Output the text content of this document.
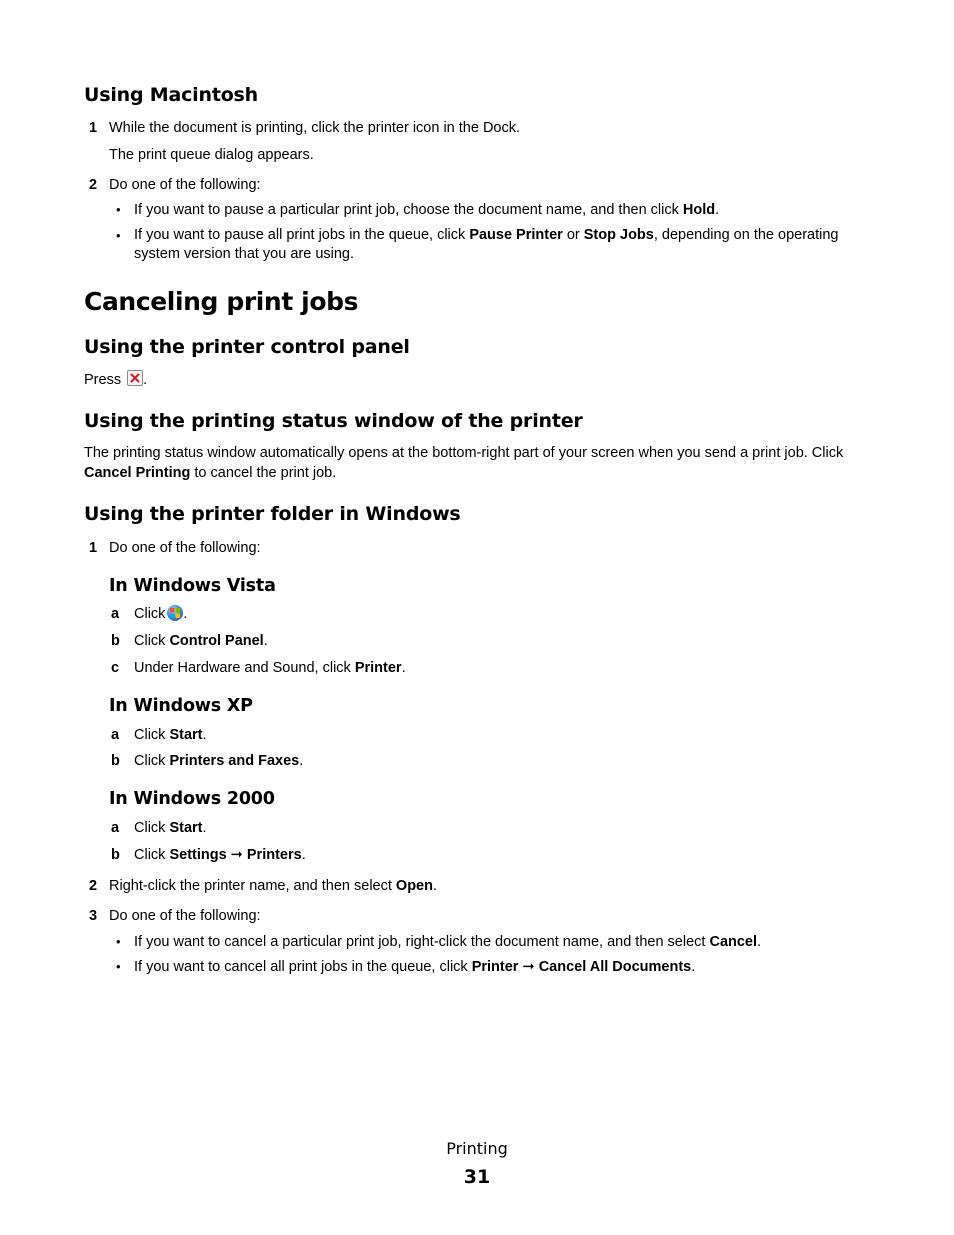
Using Macintosh
1 While the document is printing, click the printer icon in the Dock.
The print queue dialog appears.
2 Do one of the following:
• If you want to pause a particular print job, choose the document name, and then click Hold.
• If you want to pause all print jobs in the queue, click Pause Printer or Stop Jobs, depending on the operating system version that you are using.
Canceling print jobs
Using the printer control panel
Press .
Using the printing status window of the printer
The printing status window automatically opens at the bottom-right part of your screen when you send a print job. Click Cancel Printing to cancel the print job.
Using the printer folder in Windows
1 Do one of the following:
In Windows Vista
a Click .
b Click Control Panel.
c Under Hardware and Sound, click Printer.
In Windows XP
a Click Start.
b Click Printers and Faxes.
In Windows 2000
a Click Start.
b Click Settings ➞ Printers.
2 Right-click the printer name, and then select Open.
3 Do one of the following:
• If you want to cancel a particular print job, right-click the document name, and then select Cancel.
• If you want to cancel all print jobs in the queue, click Printer ➞ Cancel All Documents.
Printing
31
